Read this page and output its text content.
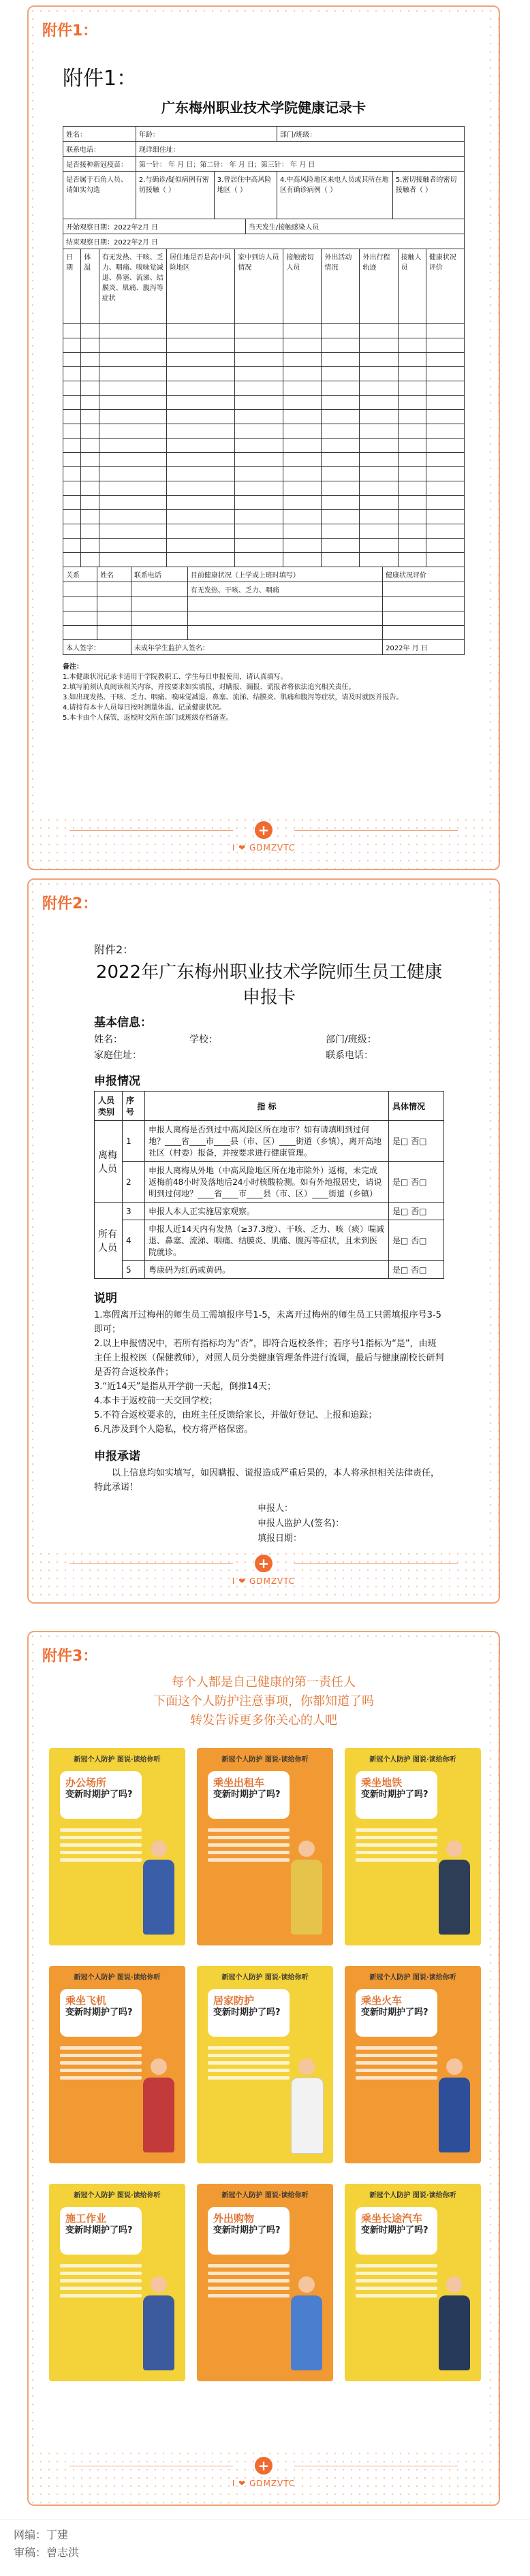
附件1：
附件1：
广东梅州职业技术学院健康记录卡
姓名：	年龄：			部门/班级：	
联系电话：	现详细住址：				
是否接种新冠疫苗：	第一针： 年 月 日；第二针： 年 月 日；第三针： 年 月 日				
是否属于石角人员、请如实勾选	2.与确诊/疑似病例有密切接触（ ）	3.曾居住中高风险地区（ ）		4.中高风险地区来电人员或其所在地区有确诊病例（ ）	5.密切接触者的密切接触者（ ）
开始观察日期：2022年2月 日			当天发生/接触感染人员		
结束观察日期：2022年2月 日					
日期	体温	有无发热、干咳、乏力、咽痛、嗅味觉减退、鼻塞、流涕、结膜炎、肌痛、腹泻等症状	居住地是否是高中风险地区	家中到访人员情况	接触密切人员	外出活动情况	外出行程轨迹	接触人员	健康状况评价

关系	姓名	联系电话	目前健康状况（上学或上班时填写）	健康状况评价
			有无发热、干咳、乏力、咽痛	

本人签字：		未成年学生监护人签名：		2022年 月 日

备注：

1.本健康状况记录卡适用于学院教职工、学生每日申报使用，请认真填写。

2.填写前须认真阅读相关内容，并按要求如实填报，对瞒报、漏报、谎报者将依法追究相关责任。

3.如出现发热、干咳、乏力、咽痛、嗅味觉减退、鼻塞、流涕、结膜炎、肌痛和腹泻等症状，请及时就医并报告。

4.请持有本卡人员每日按时测量体温、记录健康状况。

5.本卡由个人保管，返校时交所在部门或班级存档备查。

+
I ❤ GDMZVTC
附件2：
附件2：
2022年广东梅州职业技术学院师生员工健康申报卡
基本信息：
姓名：	学校：	部门/班级：
家庭住址：	联系电话：
申报情况
人员类别	序号	指 标	具体情况
离梅人员	1	申报人离梅是否到过中高风险区所在地市？如有请填明到过何地？____省____市____县（市、区）____街道（乡镇），离开高地社区（村委）报备，并按要求进行健康管理。	是□ 否□
	2	申报人离梅从外地（中高风险地区所在地市除外）返梅，未完成返梅前48小时及落地后24小时核酸检测。如有外地报居史，请说明到过何地？____省____市____县（市、区）____街道（乡镇）	是□ 否□
所有人员	3	申报人本人正实施居家观察。	是□ 否□
	4	申报人近14天内有发热（≥37.3度）、干咳、乏力、咳（痰）喘减退、鼻塞、流涕、咽痛、结膜炎、肌痛、腹泻等症状，且未到医院就诊。	是□ 否□
	5	粤康码为红码或黄码。	是□ 否□
说明

1.寒假离开过梅州的师生员工需填报序号1-5，未离开过梅州的师生员工只需填报序号3-5即可；

2.以上申报情况中，若所有指标均为“否”，即符合返校条件；若序号1指标为“是”，由班主任上报校医（保健教师），对照人员分类健康管理条件进行流调，最后与健康副校长研判是否符合返校条件；

3.“近14天”是指从开学前一天起，倒推14天；

4.本卡于返校前一天交回学校；

5.不符合返校要求的，由班主任反馈给家长，并做好登记、上报和追踪；

6.凡涉及到个人隐私，校方将严格保密。

申报承诺

以上信息均如实填写，如因瞒报、谎报造成严重后果的，本人将承担相关法律责任，特此承诺！

申报人：
申报人监护人(签名)：
填报日期：
+
I ❤ GDMZVTC
附件3：
每个人都是自己健康的第一责任人
下面这个人防护注意事项，你都知道了吗
转发告诉更多你关心的人吧
新冠个人防护 图说·读给你听
办公场所
变新时期护了吗?
新冠个人防护 图说·读给你听
乘坐出租车
变新时期护了吗?
新冠个人防护 图说·读给你听
乘坐地铁
变新时期护了吗?
新冠个人防护 图说·读给你听
乘坐飞机
变新时期护了吗?
新冠个人防护 图说·读给你听
居家防护
变新时期护了吗?
新冠个人防护 图说·读给你听
乘坐火车
变新时期护了吗?
新冠个人防护 图说·读给你听
施工作业
变新时期护了吗?
新冠个人防护 图说·读给你听
外出购物
变新时期护了吗?
新冠个人防护 图说·读给你听
乘坐长途汽车
变新时期护了吗?
+
I ❤ GDMZVTC
网编：丁建
审稿：曾志洪
